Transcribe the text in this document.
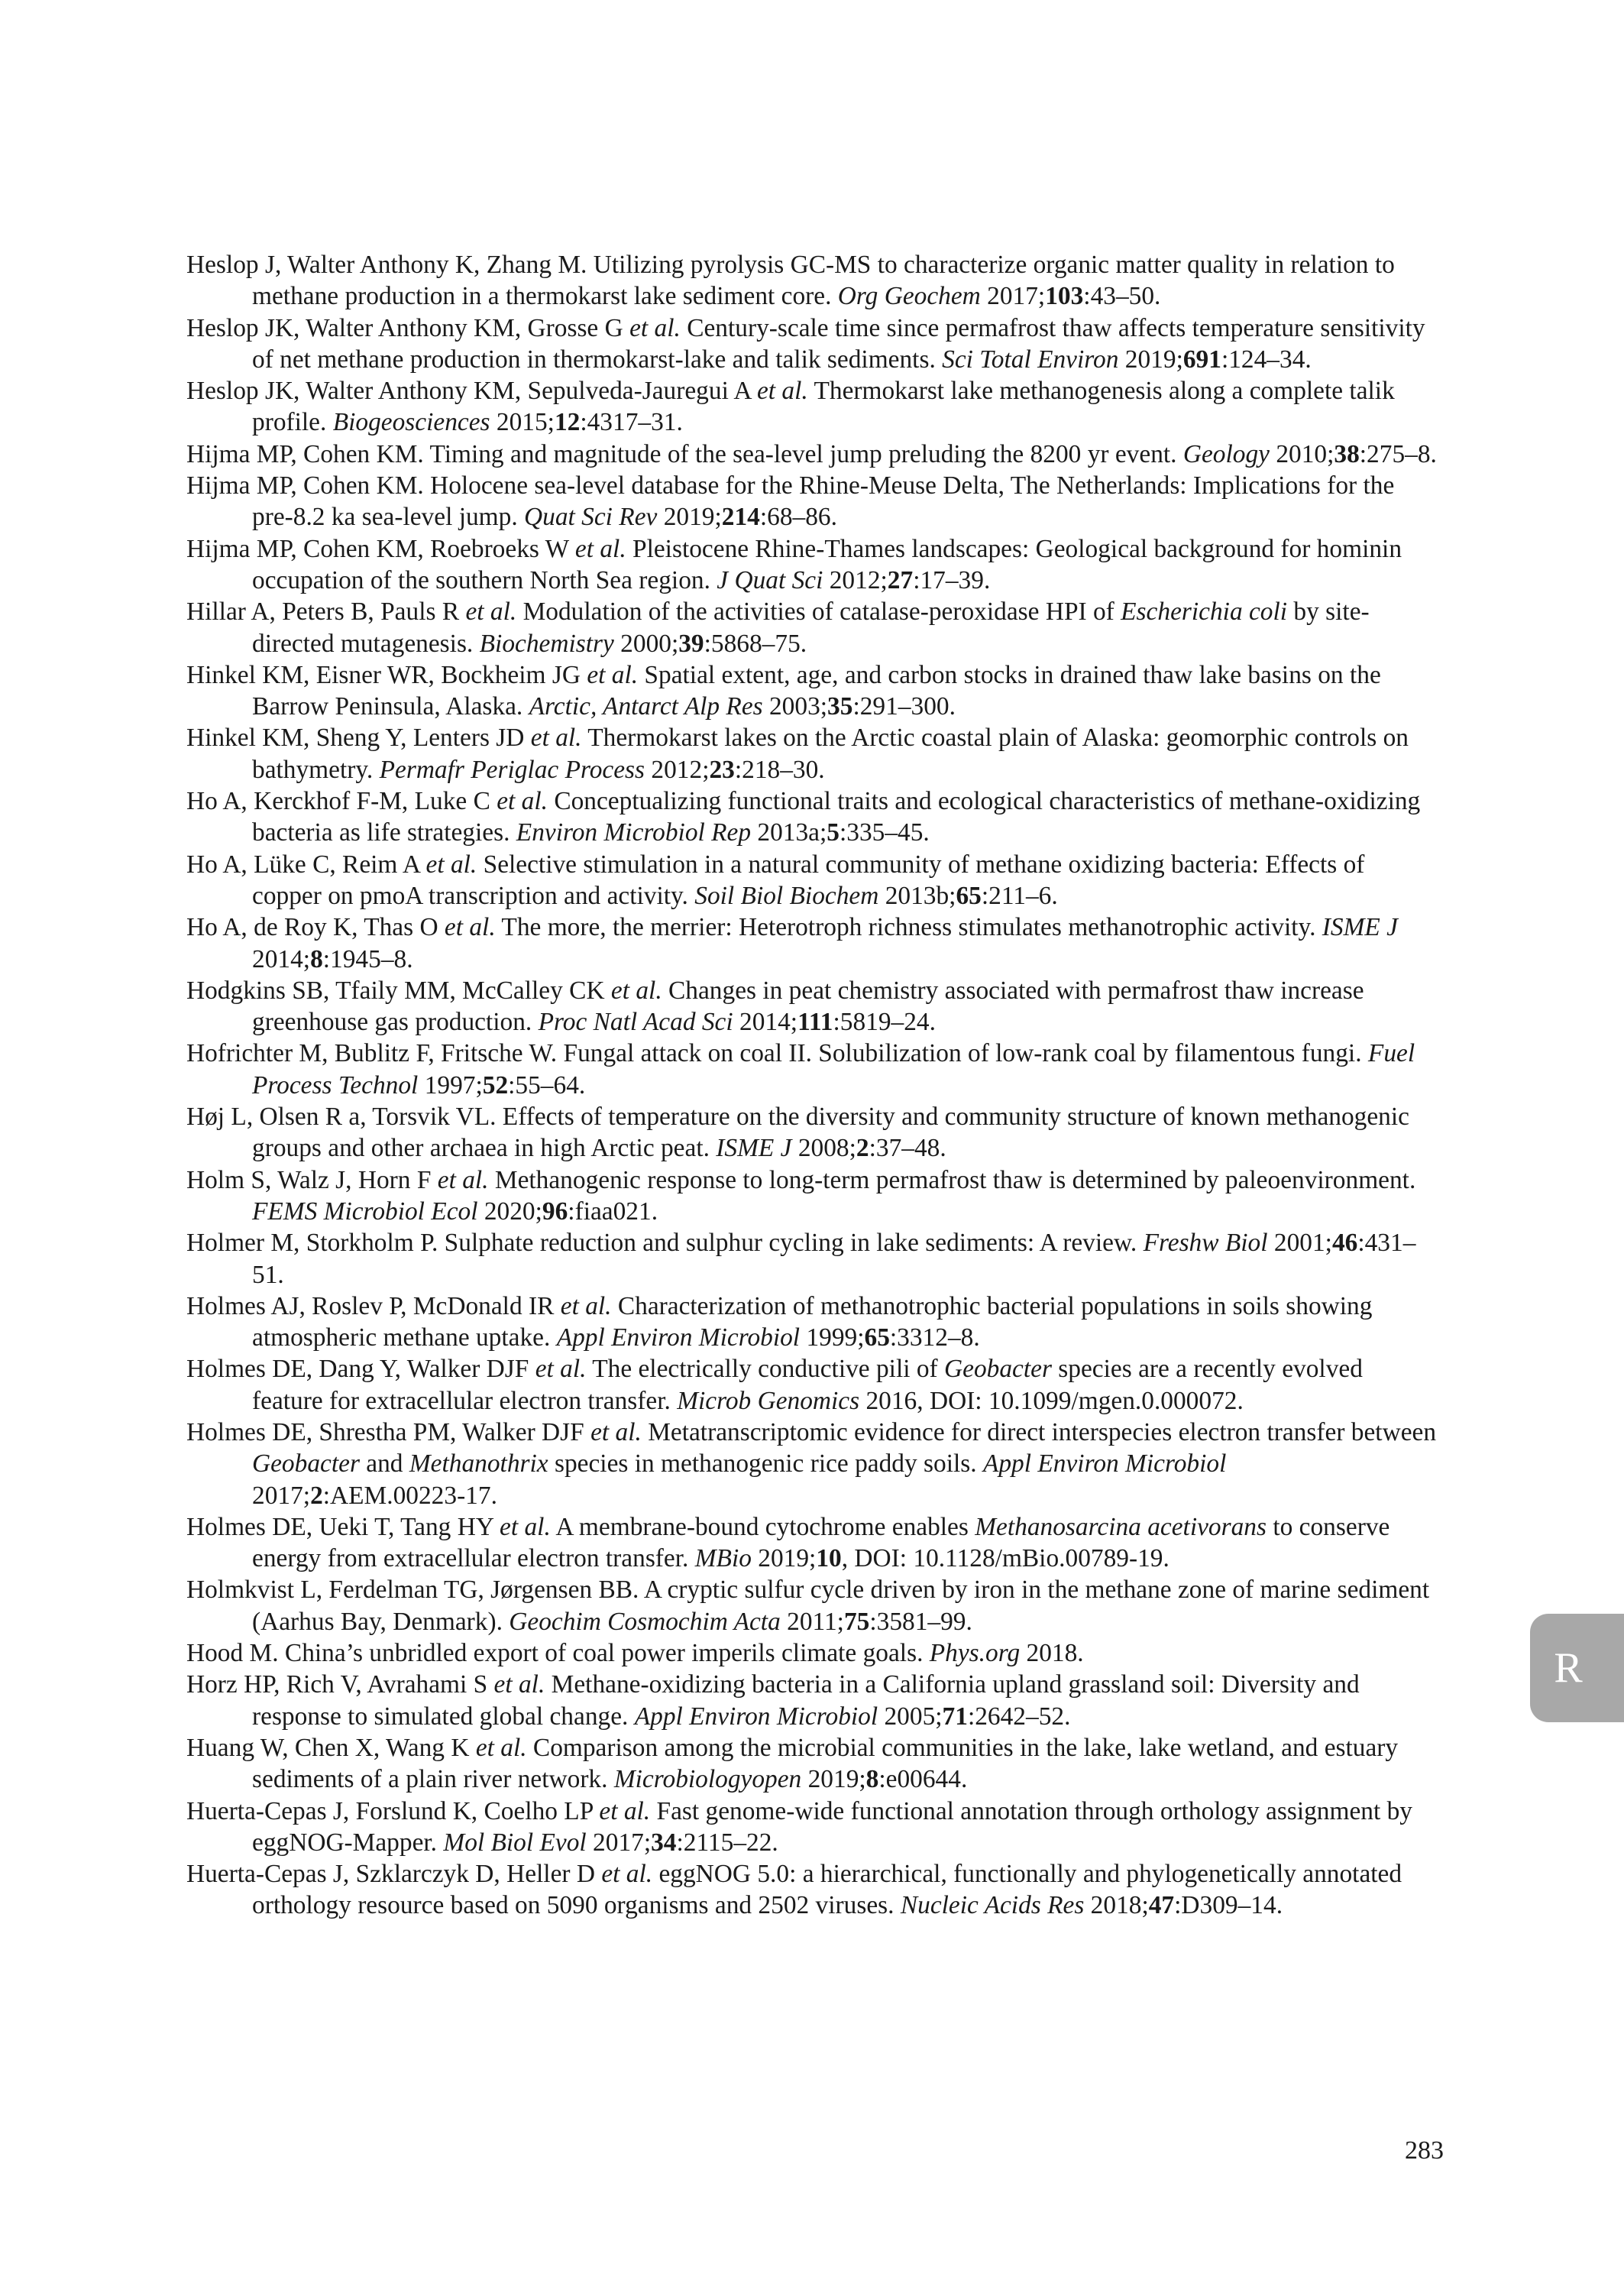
Heslop J, Walter Anthony K, Zhang M. Utilizing pyrolysis GC-MS to characterize organic matter quality in relation to methane production in a thermokarst lake sediment core. Org Geochem 2017;103:43–50.

Heslop JK, Walter Anthony KM, Grosse G et al. Century-scale time since permafrost thaw affects temperature sensitivity of net methane production in thermokarst-lake and talik sediments. Sci Total Environ 2019;691:124–34.

Heslop JK, Walter Anthony KM, Sepulveda-Jauregui A et al. Thermokarst lake methanogenesis along a complete talik profile. Biogeosciences 2015;12:4317–31.

Hijma MP, Cohen KM. Timing and magnitude of the sea-level jump preluding the 8200 yr event. Geology 2010;38:275–8.

Hijma MP, Cohen KM. Holocene sea-level database for the Rhine-Meuse Delta, The Netherlands: Implications for the pre-8.2 ka sea-level jump. Quat Sci Rev 2019;214:68–86.

Hijma MP, Cohen KM, Roebroeks W et al. Pleistocene Rhine-Thames landscapes: Geological background for hominin occupation of the southern North Sea region. J Quat Sci 2012;27:17–39.

Hillar A, Peters B, Pauls R et al. Modulation of the activities of catalase-peroxidase HPI of Escherichia coli by site-directed mutagenesis. Biochemistry 2000;39:5868–75.

Hinkel KM, Eisner WR, Bockheim JG et al. Spatial extent, age, and carbon stocks in drained thaw lake basins on the Barrow Peninsula, Alaska. Arctic, Antarct Alp Res 2003;35:291–300.

Hinkel KM, Sheng Y, Lenters JD et al. Thermokarst lakes on the Arctic coastal plain of Alaska: geomorphic controls on bathymetry. Permafr Periglac Process 2012;23:218–30.

Ho A, Kerckhof F-M, Luke C et al. Conceptualizing functional traits and ecological characteristics of methane-oxidizing bacteria as life strategies. Environ Microbiol Rep 2013a;5:335–45.

Ho A, Lüke C, Reim A et al. Selective stimulation in a natural community of methane oxidizing bacteria: Effects of copper on pmoA transcription and activity. Soil Biol Biochem 2013b;65:211–6.

Ho A, de Roy K, Thas O et al. The more, the merrier: Heterotroph richness stimulates methanotrophic activity. ISME J 2014;8:1945–8.

Hodgkins SB, Tfaily MM, McCalley CK et al. Changes in peat chemistry associated with permafrost thaw increase greenhouse gas production. Proc Natl Acad Sci 2014;111:5819–24.

Hofrichter M, Bublitz F, Fritsche W. Fungal attack on coal II. Solubilization of low-rank coal by filamentous fungi. Fuel Process Technol 1997;52:55–64.

Høj L, Olsen R a, Torsvik VL. Effects of temperature on the diversity and community structure of known methanogenic groups and other archaea in high Arctic peat. ISME J 2008;2:37–48.

Holm S, Walz J, Horn F et al. Methanogenic response to long-term permafrost thaw is determined by paleoenvironment. FEMS Microbiol Ecol 2020;96:fiaa021.

Holmer M, Storkholm P. Sulphate reduction and sulphur cycling in lake sediments: A review. Freshw Biol 2001;46:431–51.

Holmes AJ, Roslev P, McDonald IR et al. Characterization of methanotrophic bacterial populations in soils showing atmospheric methane uptake. Appl Environ Microbiol 1999;65:3312–8.

Holmes DE, Dang Y, Walker DJF et al. The electrically conductive pili of Geobacter species are a recently evolved feature for extracellular electron transfer. Microb Genomics 2016, DOI: 10.1099/mgen.0.000072.

Holmes DE, Shrestha PM, Walker DJF et al. Metatranscriptomic evidence for direct interspecies electron transfer between Geobacter and Methanothrix species in methanogenic rice paddy soils. Appl Environ Microbiol 2017;2:AEM.00223-17.

Holmes DE, Ueki T, Tang HY et al. A membrane-bound cytochrome enables Methanosarcina acetivorans to conserve energy from extracellular electron transfer. MBio 2019;10, DOI: 10.1128/mBio.00789-19.

Holmkvist L, Ferdelman TG, Jørgensen BB. A cryptic sulfur cycle driven by iron in the methane zone of marine sediment (Aarhus Bay, Denmark). Geochim Cosmochim Acta 2011;75:3581–99.

Hood M. China’s unbridled export of coal power imperils climate goals. Phys.org 2018.

Horz HP, Rich V, Avrahami S et al. Methane-oxidizing bacteria in a California upland grassland soil: Diversity and response to simulated global change. Appl Environ Microbiol 2005;71:2642–52.

Huang W, Chen X, Wang K et al. Comparison among the microbial communities in the lake, lake wetland, and estuary sediments of a plain river network. Microbiologyopen 2019;8:e00644.

Huerta-Cepas J, Forslund K, Coelho LP et al. Fast genome-wide functional annotation through orthology assignment by eggNOG-Mapper. Mol Biol Evol 2017;34:2115–22.

Huerta-Cepas J, Szklarczyk D, Heller D et al. eggNOG 5.0: a hierarchical, functionally and phylogenetically annotated orthology resource based on 5090 organisms and 2502 viruses. Nucleic Acids Res 2018;47:D309–14.

R
283
